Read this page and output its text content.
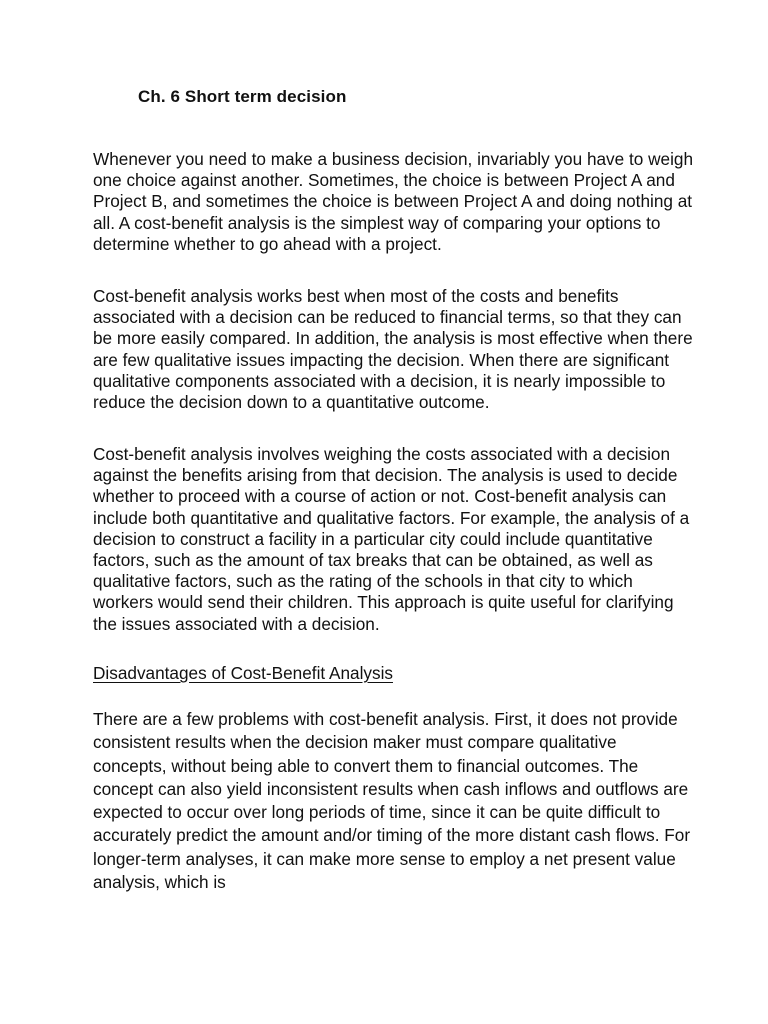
Ch. 6 Short term decision

Whenever you need to make a business decision, invariably you have to weigh one choice against another. Sometimes, the choice is between Project A and Project B, and sometimes the choice is between Project A and doing nothing at all. A cost-benefit analysis is the simplest way of comparing your options to determine whether to go ahead with a project.

Cost-benefit analysis works best when most of the costs and benefits associated with a decision can be reduced to financial terms, so that they can be more easily compared. In addition, the analysis is most effective when there are few qualitative issues impacting the decision. When there are significant qualitative components associated with a decision, it is nearly impossible to reduce the decision down to a quantitative outcome.

Cost-benefit analysis involves weighing the costs associated with a decision against the benefits arising from that decision. The analysis is used to decide whether to proceed with a course of action or not. Cost-benefit analysis can include both quantitative and qualitative factors. For example, the analysis of a decision to construct a facility in a particular city could include quantitative factors, such as the amount of tax breaks that can be obtained, as well as qualitative factors, such as the rating of the schools in that city to which workers would send their children. This approach is quite useful for clarifying the issues associated with a decision.

Disadvantages of Cost-Benefit Analysis

There are a few problems with cost-benefit analysis. First, it does not provide consistent results when the decision maker must compare qualitative concepts, without being able to convert them to financial outcomes. The concept can also yield inconsistent results when cash inflows and outflows are expected to occur over long periods of time, since it can be quite difficult to accurately predict the amount and/or timing of the more distant cash flows. For longer-term analyses, it can make more sense to employ a net present value analysis, which is
